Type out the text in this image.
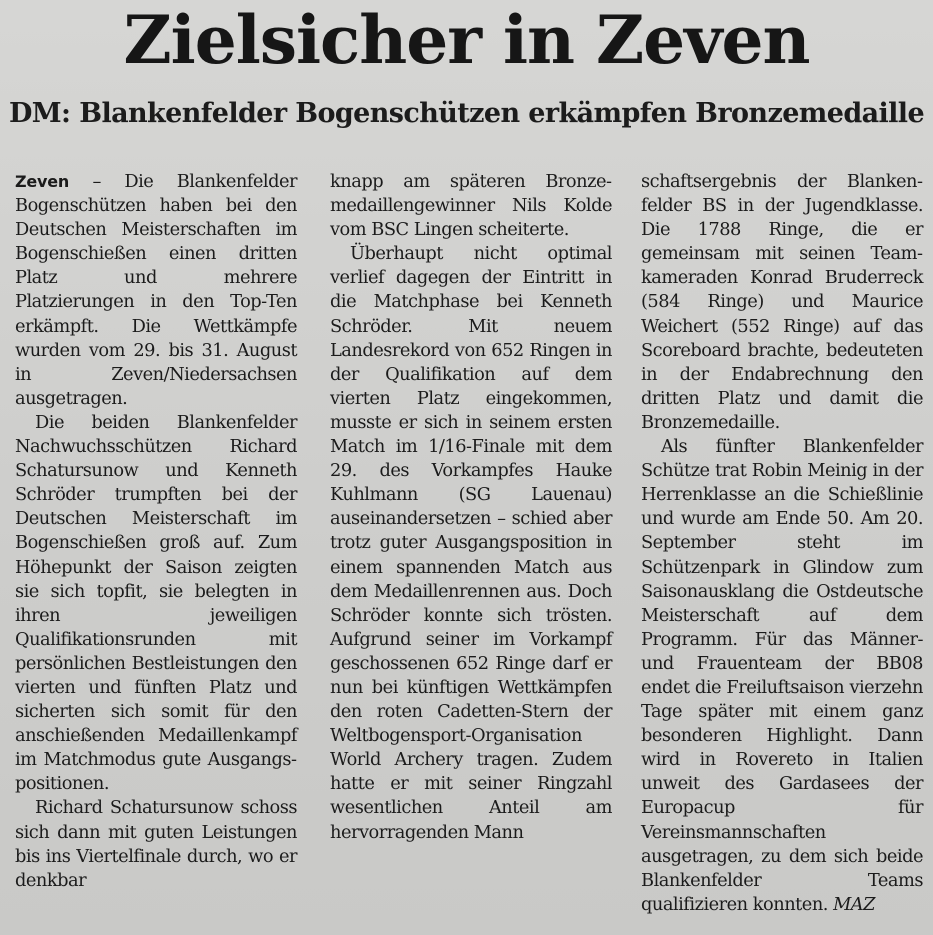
Zielsicher in Zeven
DM: Blankenfelder Bogenschützen erkämpfen Bronzemedaille

Zeven – Die Blankenfelder Bogenschützen haben bei den Deutschen Meisterschaften im Bogenschießen einen dritten Platz und mehrere Platzierungen in den Top-Ten erkämpft. Die Wettkämpfe wurden vom 29. bis 31. August in Zeven/Niedersachsen ausgetragen.

Die beiden Blankenfelder Nachwuchsschützen Richard Schatursunow und Kenneth Schröder trumpften bei der Deutschen Meisterschaft im Bogenschießen groß auf. Zum Höhepunkt der Saison zeigten sie sich topfit, sie belegten in ihren jeweiligen Qualifikationsrunden mit persönlichen Bestleistungen den vierten und fünften Platz und sicherten sich somit für den anschießenden Medaillenkampf im Matchmodus gute Ausgangspositionen.

Richard Schatursunow schoss sich dann mit guten Leistungen bis ins Viertelfinale durch, wo er denkbar

knapp am späteren Bronzemedaillengewinner Nils Kolde vom BSC Lingen scheiterte.

Überhaupt nicht optimal verlief dagegen der Eintritt in die Matchphase bei Kenneth Schröder. Mit neuem Landesrekord von 652 Ringen in der Qualifikation auf dem vierten Platz eingekommen, musste er sich in seinem ersten Match im 1/16-Finale mit dem 29. des Vorkampfes Hauke Kuhlmann (SG Lauenau) auseinandersetzen – schied aber trotz guter Ausgangsposition in einem spannenden Match aus dem Medaillenrennen aus. Doch Schröder konnte sich trösten. Aufgrund seiner im Vorkampf geschossenen 652 Ringe darf er nun bei künftigen Wettkämpfen den roten Cadetten-Stern der Weltbogensport-Organisation World Archery tragen. Zudem hatte er mit seiner Ringzahl wesentlichen Anteil am hervorragenden Mann

schaftsergebnis der Blankenfelder BS in der Jugendklasse. Die 1788 Ringe, die er gemeinsam mit seinen Teamkameraden Konrad Bruderreck (584 Ringe) und Maurice Weichert (552 Ringe) auf das Scoreboard brachte, bedeuteten in der Endabrechnung den dritten Platz und damit die Bronzemedaille.

Als fünfter Blankenfelder Schütze trat Robin Meinig in der Herrenklasse an die Schießlinie und wurde am Ende 50. Am 20. September steht im Schützenpark in Glindow zum Saisonausklang die Ostdeutsche Meisterschaft auf dem Programm. Für das Männer- und Frauenteam der BB08 endet die Freiluftsaison vierzehn Tage später mit einem ganz besonderen Highlight. Dann wird in Rovereto in Italien unweit des Gardasees der Europacup für Vereinsmannschaften ausgetragen, zu dem sich beide Blankenfelder Teams qualifizieren konnten. MAZ
